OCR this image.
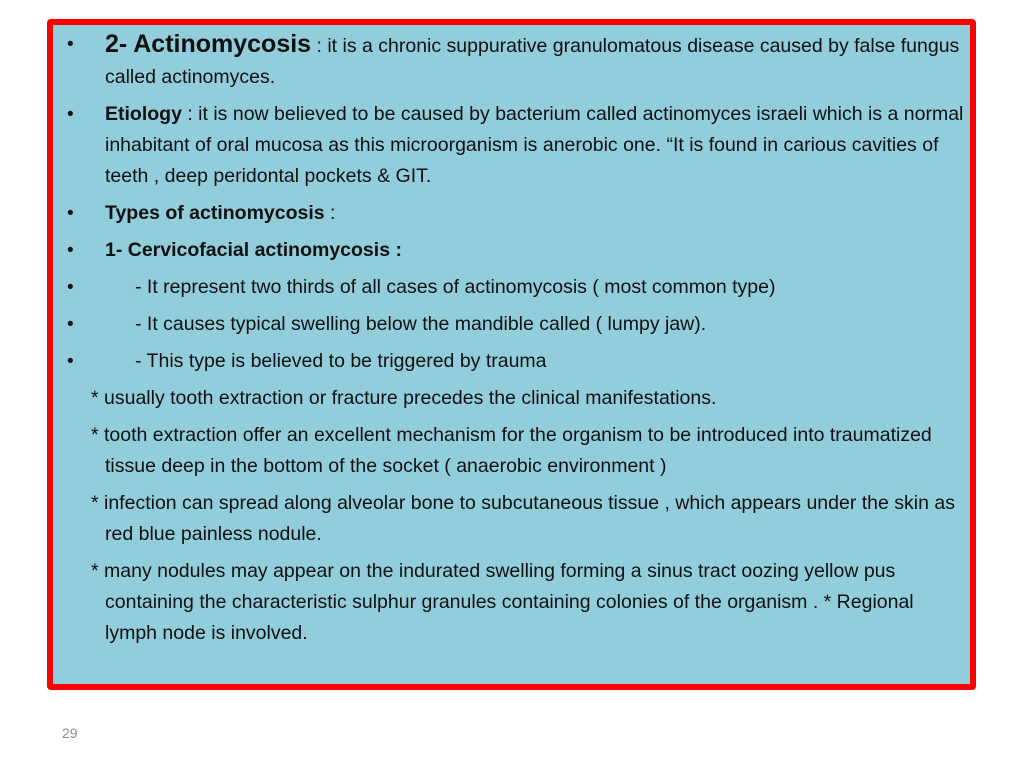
• 2- Actinomycosis : it is a chronic suppurative granulomatous disease caused by false fungus called actinomyces.
• Etiology : it is now believed to be caused by bacterium called actinomyces israeli which is a normal inhabitant of oral mucosa as this microorganism is anerobic one. “It is found in carious cavities of teeth , deep peridontal pockets & GIT.
• Types of actinomycosis :
• 1- Cervicofacial actinomycosis :
• - It represent two thirds of all cases of actinomycosis ( most common type)
• - It causes typical swelling below the mandible called ( lumpy jaw).
• - This type is believed to be triggered by trauma
* usually tooth extraction or fracture precedes the clinical manifestations.
* tooth extraction offer an excellent mechanism for the organism to be introduced into traumatized tissue deep in the bottom of the socket ( anaerobic environment )
* infection can spread along alveolar bone to subcutaneous tissue , which appears under the skin as red blue painless nodule.
* many nodules may appear on the indurated swelling forming a sinus tract oozing yellow pus containing the characteristic sulphur granules containing colonies of the organism . * Regional lymph node is involved.
29
